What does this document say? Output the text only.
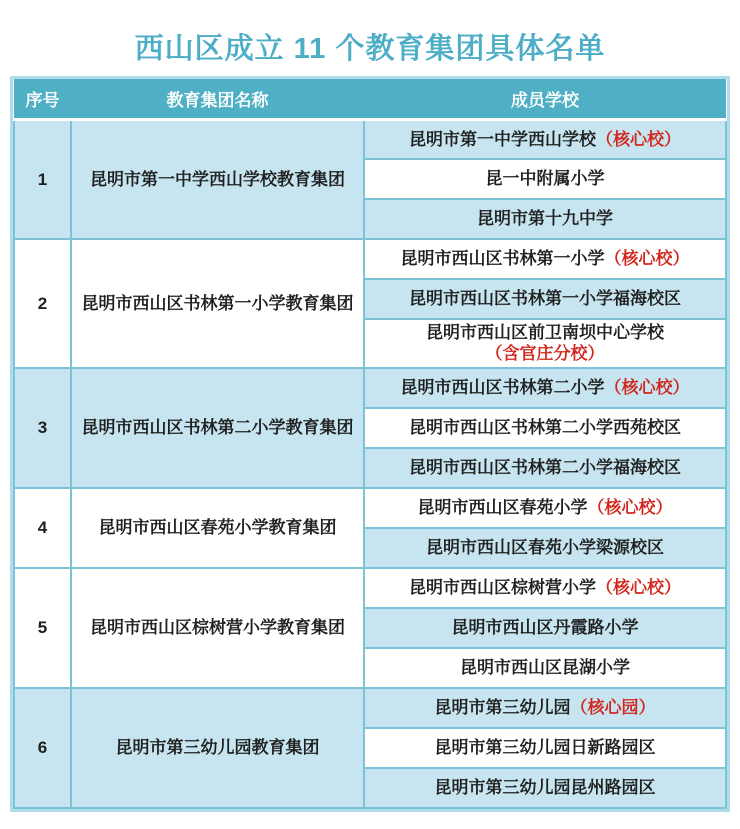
西山区成立 11 个教育集团具体名单
序号	教育集团名称	成员学校
1	昆明市第一中学西山学校教育集团	昆明市第一中学西山学校（核心校）
		昆一中附属小学
		昆明市第十九中学
2	昆明市西山区书林第一小学教育集团	昆明市西山区书林第一小学（核心校）
		昆明市西山区书林第一小学福海校区
		昆明市西山区前卫南坝中心学校（含官庄分校）
3	昆明市西山区书林第二小学教育集团	昆明市西山区书林第二小学（核心校）
		昆明市西山区书林第二小学西苑校区
		昆明市西山区书林第二小学福海校区
4	昆明市西山区春苑小学教育集团	昆明市西山区春苑小学（核心校）
		昆明市西山区春苑小学梁源校区
5	昆明市西山区棕树营小学教育集团	昆明市西山区棕树营小学（核心校）
		昆明市西山区丹霞路小学
		昆明市西山区昆湖小学
6	昆明市第三幼儿园教育集团	昆明市第三幼儿园（核心园）
		昆明市第三幼儿园日新路园区
		昆明市第三幼儿园昆州路园区
